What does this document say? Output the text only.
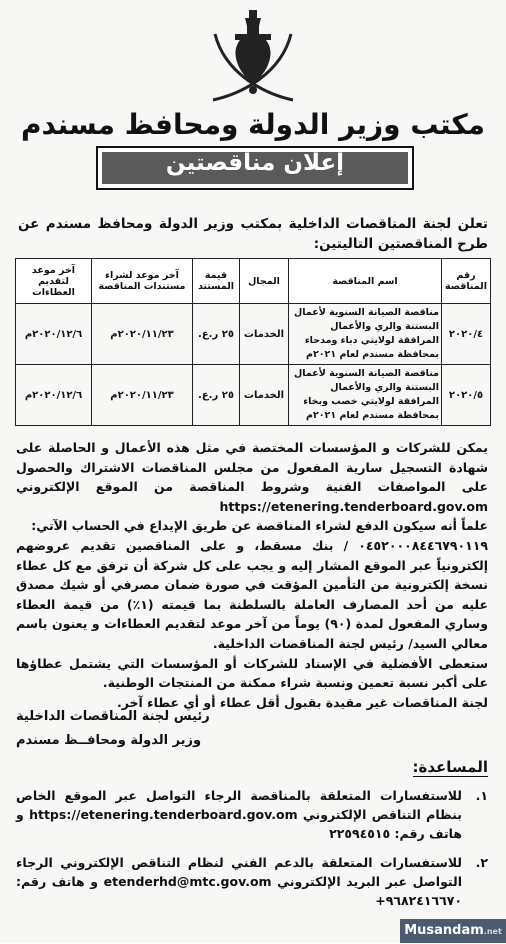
مكتب وزير الدولة ومحافظ مسندم
إعلان مناقصتين
تعلن لجنة المناقصات الداخلية بمكتب وزير الدولة ومحافظ مسندم عن طرح المناقصتين التاليتين:
رقم المناقصة	اسم المناقصة	المجال	قيمة المستند	آخر موعد لشراء مستندات المناقصة	آخر موعد لتقديم العطاءات
٢٠٢٠/٤	مناقصة الصيانة السنوية لأعمال البستنة والري والأعمال المرافقة لولايتي دباء ومدحاء بمحافظة مسندم لعام ٢٠٢١م	الخدمات	٢٥ ر.ع.	٢٠٢٠/١١/٢٣م	٢٠٢٠/١٢/٦م
٢٠٢٠/٥	مناقصة الصيانة السنوية لأعمال البستنة والري والأعمال المرافقة لولايتي خصب وبخاء بمحافظة مسندم لعام ٢٠٢١م	الخدمات	٢٥ ر.ع.	٢٠٢٠/١١/٢٣م	٢٠٢٠/١٢/٦م

يمكن للشركات و المؤسسات المختصة في مثل هذه الأعمال و الحاصلة على شهادة التسجيل سارية المفعول من مجلس المناقصات الاشتراك والحصول على المواصفات الفنية وشروط المناقصة من الموقع الإلكتروني https://etenering.tenderboard.gov.om

علماً أنه سيكون الدفع لشراء المناقصة عن طريق الإيداع في الحساب الآتي:

٠٤٥٢٠٠٠٨٤٤٦٧٩٠١١٩ / بنك مسقط، و على المناقصين تقديم عروضهم إلكترونياً عبر الموقع المشار إليه و يجب على كل شركة أن ترفق مع كل عطاء نسخة إلكترونية من التأمين المؤقت في صورة ضمان مصرفي أو شيك مصدق عليه من أحد المصارف العاملة بالسلطنة بما قيمته (١٪) من قيمة العطاء وساري المفعول لمدة (٩٠) يوماً من آخر موعد لتقديم العطاءات و يعنون باسم معالي السيد/ رئيس لجنة المناقصات الداخلية.

ستعطى الأفضلية في الإسناد للشركات أو المؤسسات التي يشتمل عطاؤها على أكبر نسبة تعمين ونسبة شراء ممكنة من المنتجات الوطنية.

لجنة المناقصات غير مقيدة بقبول أقل عطاء أو أي عطاء آخر.

رئيس لجنة المناقصات الداخلية
وزير الدولة ومحافــظ مسندم
المساعدة:
١.
للاستفسارات المتعلقة بالمناقصة الرجاء التواصل عبر الموقع الخاص بنظام التناقص الإلكتروني https://etenering.tenderboard.gov.om و هاتف رقم: ٢٢٥٩٤٥١٥
٢.
للاستفسارات المتعلقة بالدعم الفني لنظام التناقص الإلكتروني الرجاء التواصل عبر البريد الإلكتروني etenderhd@mtc.gov.om و هاتف رقم: ٩٦٨٢٤١٦٦٧٠+
Musandam.net
